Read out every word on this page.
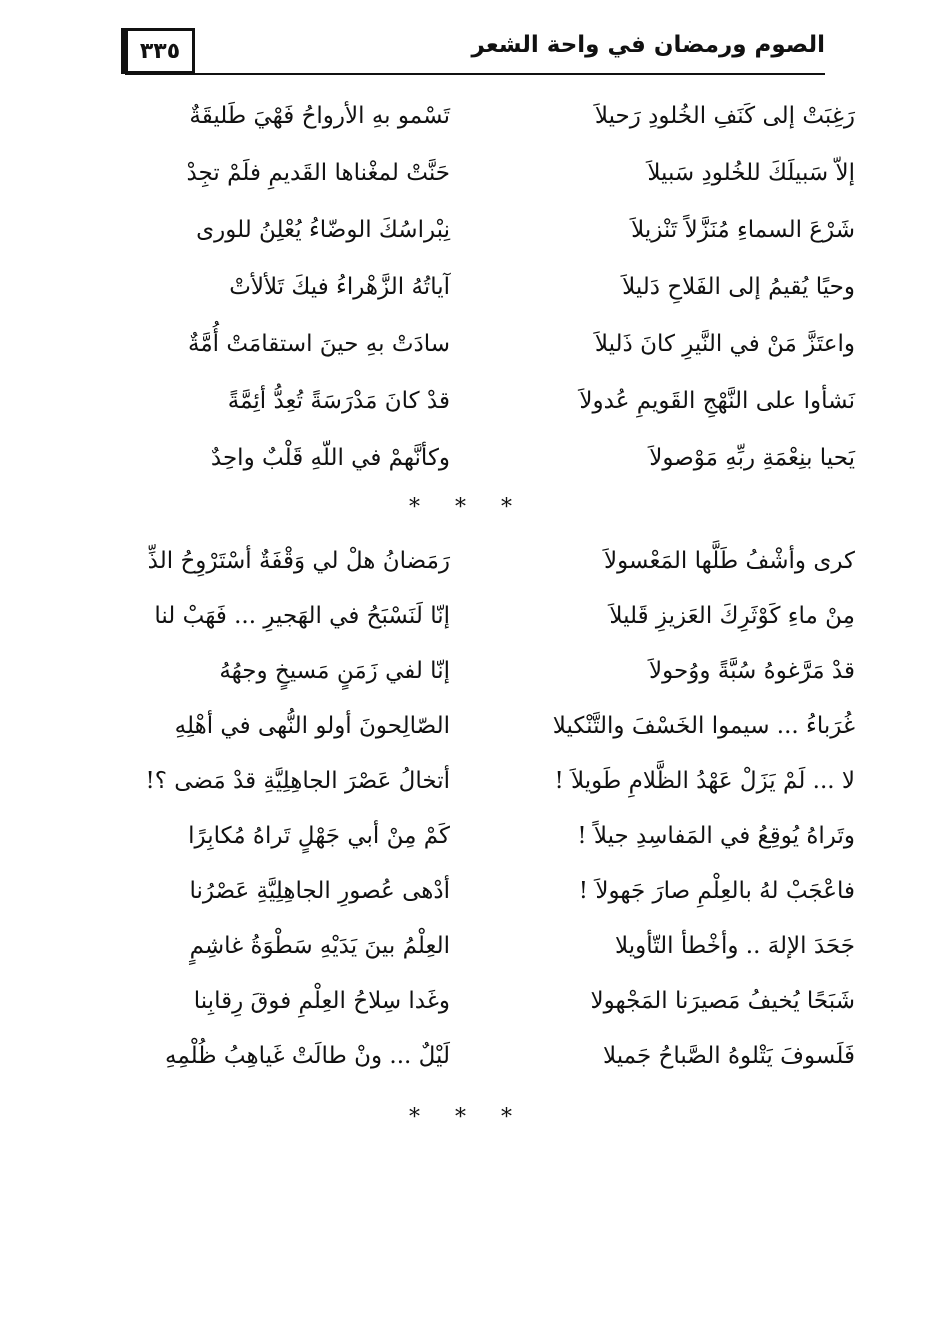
الصوم ورمضان في واحة الشعر
٣٣٥
تَسْمو بهِ الأرواحُ فَهْيَ طَليقَةٌ	رَغِبَتْ إلى كَنَفِ الخُلودِ رَحيلاَ
حَنَّتْ لمغْناها القَديمِ فلَمْ تجِدْ	إلاّ سَبيلَكَ للخُلودِ سَبيلاَ
نِبْراسُكَ الوضّاءُ يُعْلِنُ للورى	شَرْعَ السماءِ مُنَزَّلاً تَنْزيلاَ
آياتُهُ الزَّهْراءُ فيكَ تَلألأتْ	وحيًا يُقيمُ إلى الفَلاحِ دَليلاَ
سادَتْ بهِ حينَ استقامَتْ أُمَّةٌ	واعتَزَّ مَنْ في النَّيرِ كانَ ذَليلاَ
قدْ كانَ مَدْرَسَةً تُعِدُّ أئِمَّةً	نَشأوا على النَّهْجِ القَويمِ عُدولاَ
وكأنَّهمْ في اللّهِ قَلْبٌ واحِدٌ	يَحيا بنِعْمَةِ ربِّهِ مَوْصولاَ
* * *
رَمَضانُ هلْ لي وَقْفَةٌ أسْتَرْوِحُ الذِّ	كرى وأشْفُ طَلَّها المَعْسولاَ
إنّا لَنَسْبَحُ في الهَجيرِ ... فَهَبْ لنا	مِنْ ماءِ كَوْثَرِكَ العَزيزِ قَليلاَ
إنّا لفي زَمَنٍ مَسيخٍ وجهُهُ	قدْ مَرَّغوهُ سُبَّةً ووُحولاَ
الصّالِحونَ أولو النُّهى في أهْلِهِ	غُرَباءُ ... سيموا الخَسْفَ والتَّنْكيلا
أتخالُ عَصْرَ الجاهِلِيَّةِ قدْ مَضى ؟!	لا ... لَمْ يَزَلْ عَهْدُ الظَّلامِ طَويلاَ !
كَمْ مِنْ أبي جَهْلٍ تَراهُ مُكابِرًا	وتَراهُ يُوقِعُ في المَفاسِدِ جيلاً !
أدْهى عُصورِ الجاهِلِيَّةِ عَصْرُنا	فاعْجَبْ لهُ بالعِلْمِ صارَ جَهولاَ !
العِلْمُ بينَ يَدَيْهِ سَطْوَةُ غاشِمٍ	جَحَدَ الإلهَ .. وأخْطأ التّأويلا
وغَدا سِلاحُ العِلْمِ فوقَ رِقابِنا	شَبَحًا يُخيفُ مَصيرَنا المَجْهولا
لَيْلٌ ... ونْ طالَتْ غَياهِبُ ظُلْمِهِ	فَلَسوفَ يَتْلوهُ الصَّباحُ جَميلا
* * *
